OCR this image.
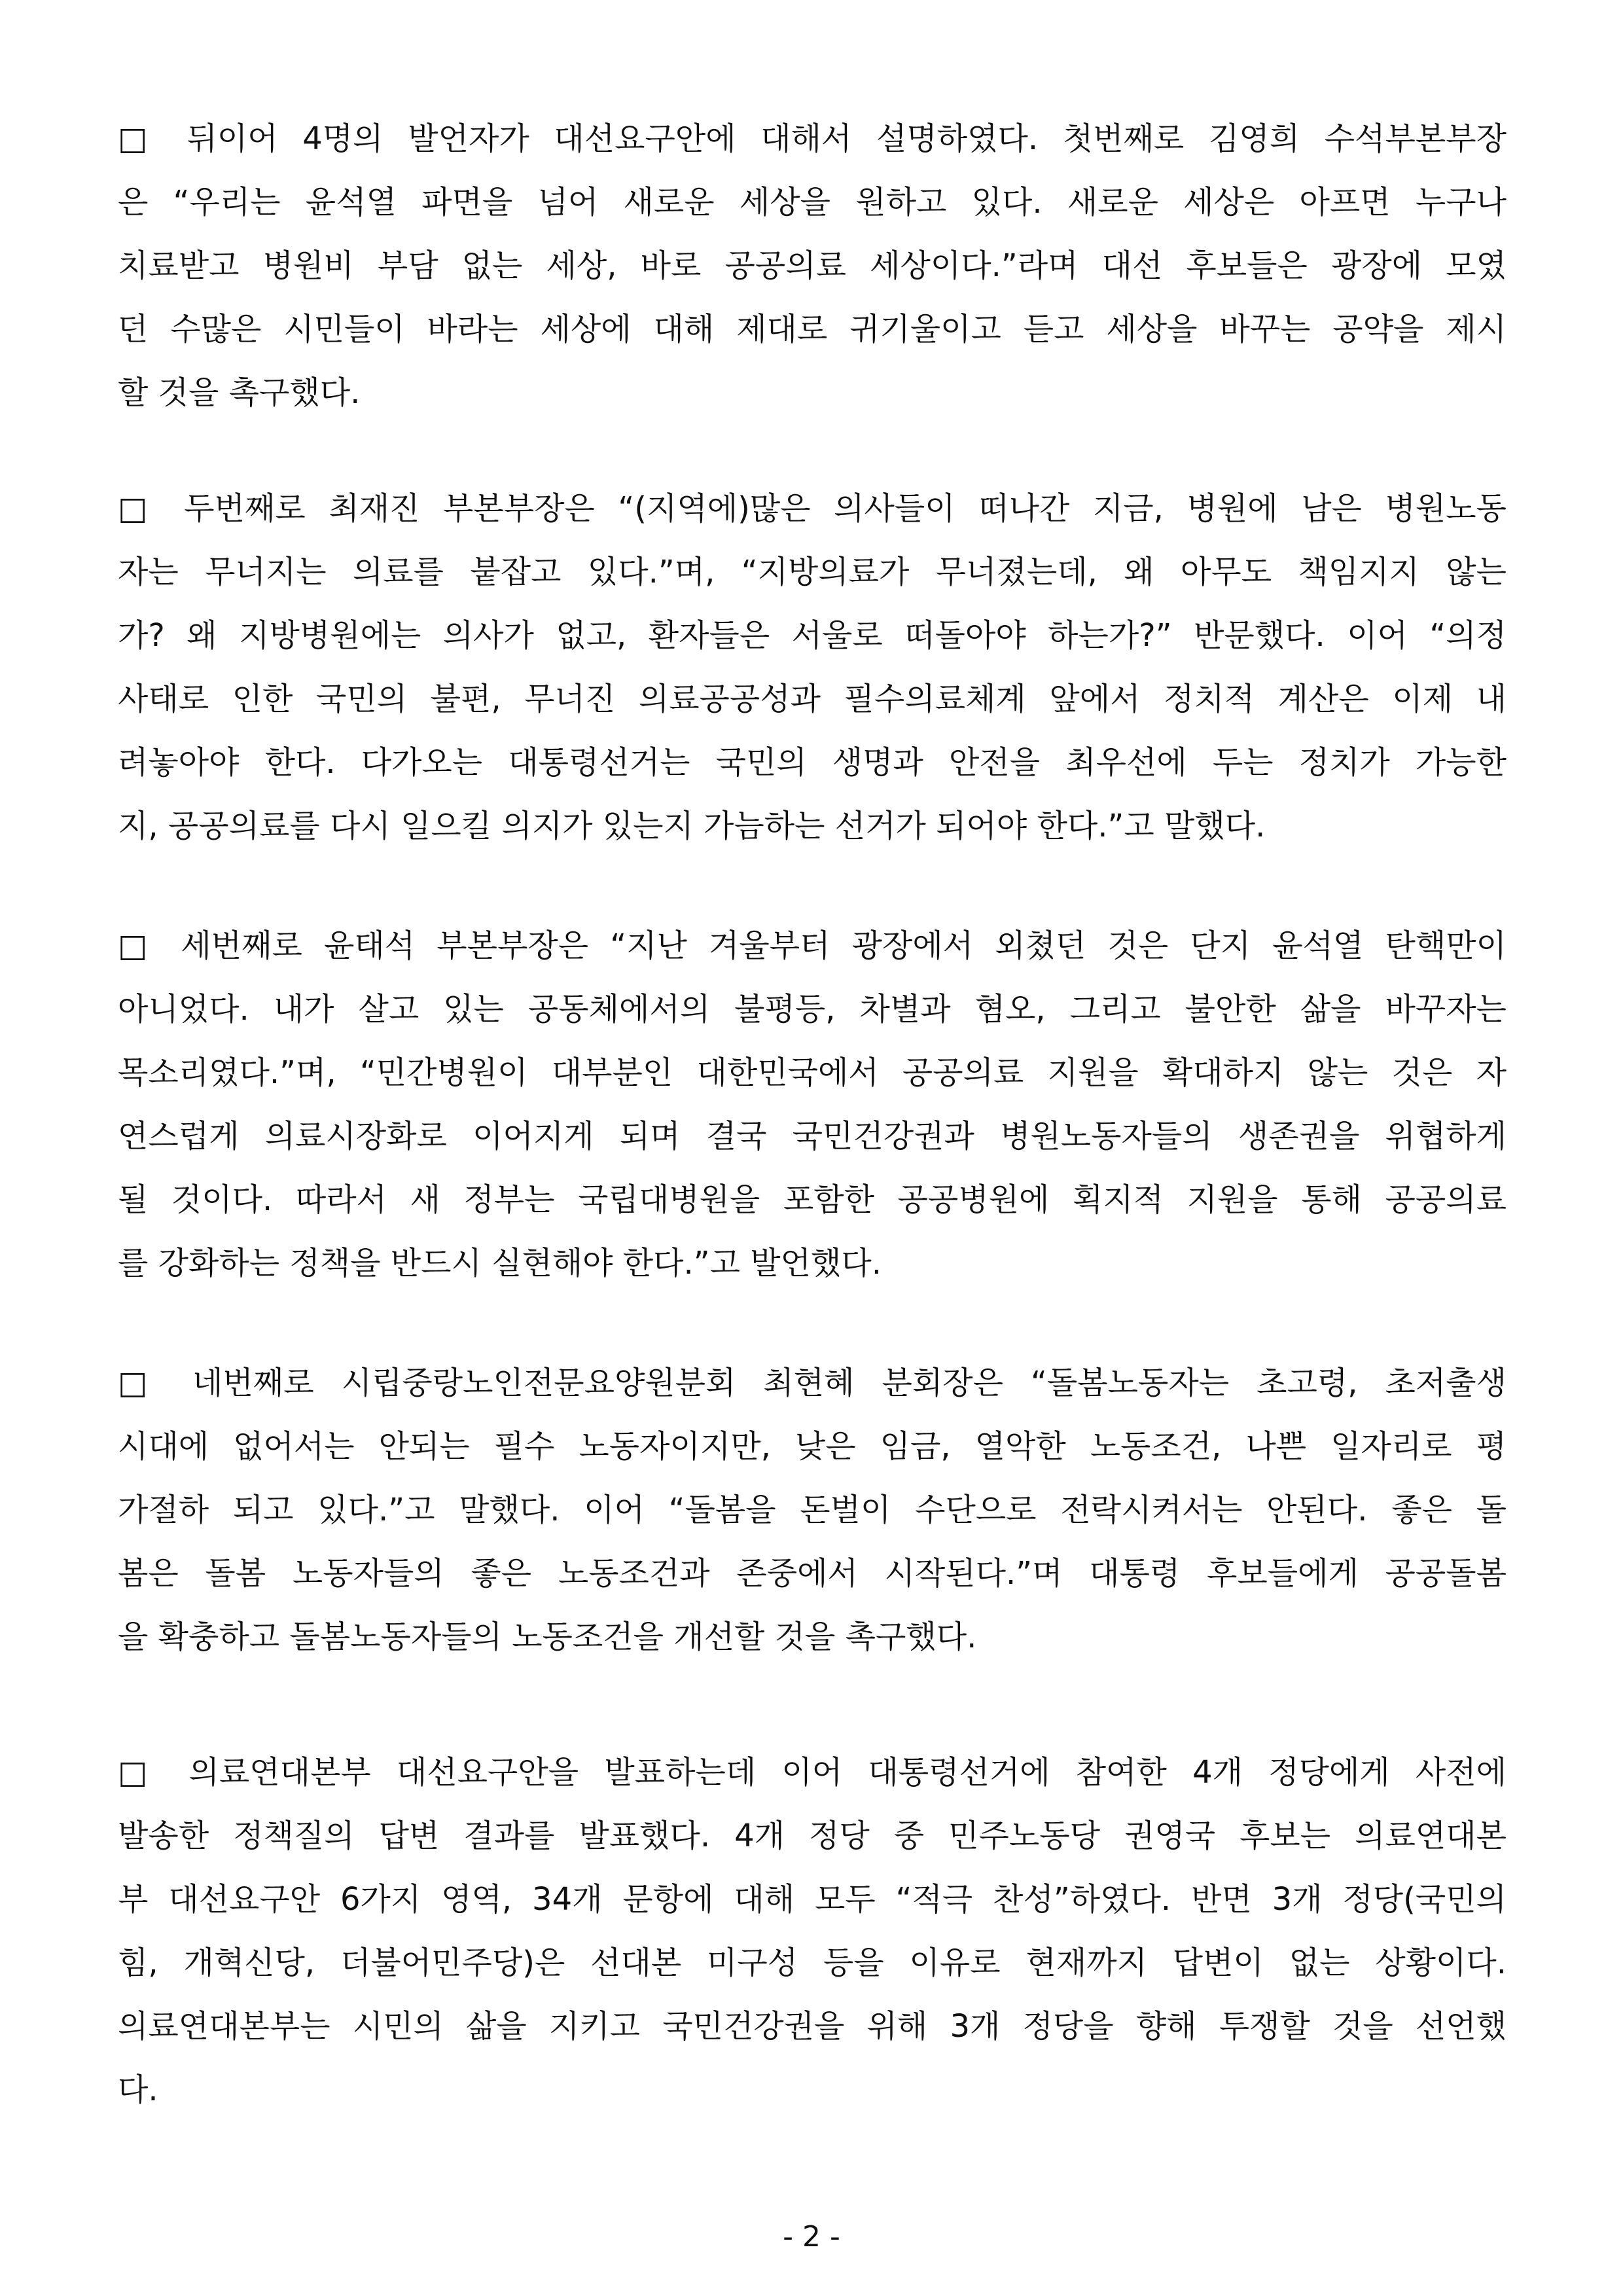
□ 뒤이어 4명의 발언자가 대선요구안에 대해서 설명하였다. 첫번째로 김영희 수석부본부장
은 “우리는 윤석열 파면을 넘어 새로운 세상을 원하고 있다. 새로운 세상은 아프면 누구나
치료받고 병원비 부담 없는 세상, 바로 공공의료 세상이다.”라며 대선 후보들은 광장에 모였
던 수많은 시민들이 바라는 세상에 대해 제대로 귀기울이고 듣고 세상을 바꾸는 공약을 제시
할 것을 촉구했다.
□ 두번째로 최재진 부본부장은 “(지역에)많은 의사들이 떠나간 지금, 병원에 남은 병원노동
자는 무너지는 의료를 붙잡고 있다.”며, “지방의료가 무너졌는데, 왜 아무도 책임지지 않는
가? 왜 지방병원에는 의사가 없고, 환자들은 서울로 떠돌아야 하는가?” 반문했다. 이어 “의정
사태로 인한 국민의 불편, 무너진 의료공공성과 필수의료체계 앞에서 정치적 계산은 이제 내
려놓아야 한다. 다가오는 대통령선거는 국민의 생명과 안전을 최우선에 두는 정치가 가능한
지, 공공의료를 다시 일으킬 의지가 있는지 가늠하는 선거가 되어야 한다.”고 말했다.
□ 세번째로 윤태석 부본부장은 “지난 겨울부터 광장에서 외쳤던 것은 단지 윤석열 탄핵만이
아니었다. 내가 살고 있는 공동체에서의 불평등, 차별과 혐오, 그리고 불안한 삶을 바꾸자는
목소리였다.”며, “민간병원이 대부분인 대한민국에서 공공의료 지원을 확대하지 않는 것은 자
연스럽게 의료시장화로 이어지게 되며 결국 국민건강권과 병원노동자들의 생존권을 위협하게
될 것이다. 따라서 새 정부는 국립대병원을 포함한 공공병원에 획지적 지원을 통해 공공의료
를 강화하는 정책을 반드시 실현해야 한다.”고 발언했다.
□ 네번째로 시립중랑노인전문요양원분회 최현혜 분회장은 “돌봄노동자는 초고령, 초저출생
시대에 없어서는 안되는 필수 노동자이지만, 낮은 임금, 열악한 노동조건, 나쁜 일자리로 평
가절하 되고 있다.”고 말했다. 이어 “돌봄을 돈벌이 수단으로 전락시켜서는 안된다. 좋은 돌
봄은 돌봄 노동자들의 좋은 노동조건과 존중에서 시작된다.”며 대통령 후보들에게 공공돌봄
을 확충하고 돌봄노동자들의 노동조건을 개선할 것을 촉구했다.
□ 의료연대본부 대선요구안을 발표하는데 이어 대통령선거에 참여한 4개 정당에게 사전에
발송한 정책질의 답변 결과를 발표했다. 4개 정당 중 민주노동당 권영국 후보는 의료연대본
부 대선요구안 6가지 영역, 34개 문항에 대해 모두 “적극 찬성”하였다. 반면 3개 정당(국민의
힘, 개혁신당, 더불어민주당)은 선대본 미구성 등을 이유로 현재까지 답변이 없는 상황이다.
의료연대본부는 시민의 삶을 지키고 국민건강권을 위해 3개 정당을 향해 투쟁할 것을 선언했
다.
- 2 -
